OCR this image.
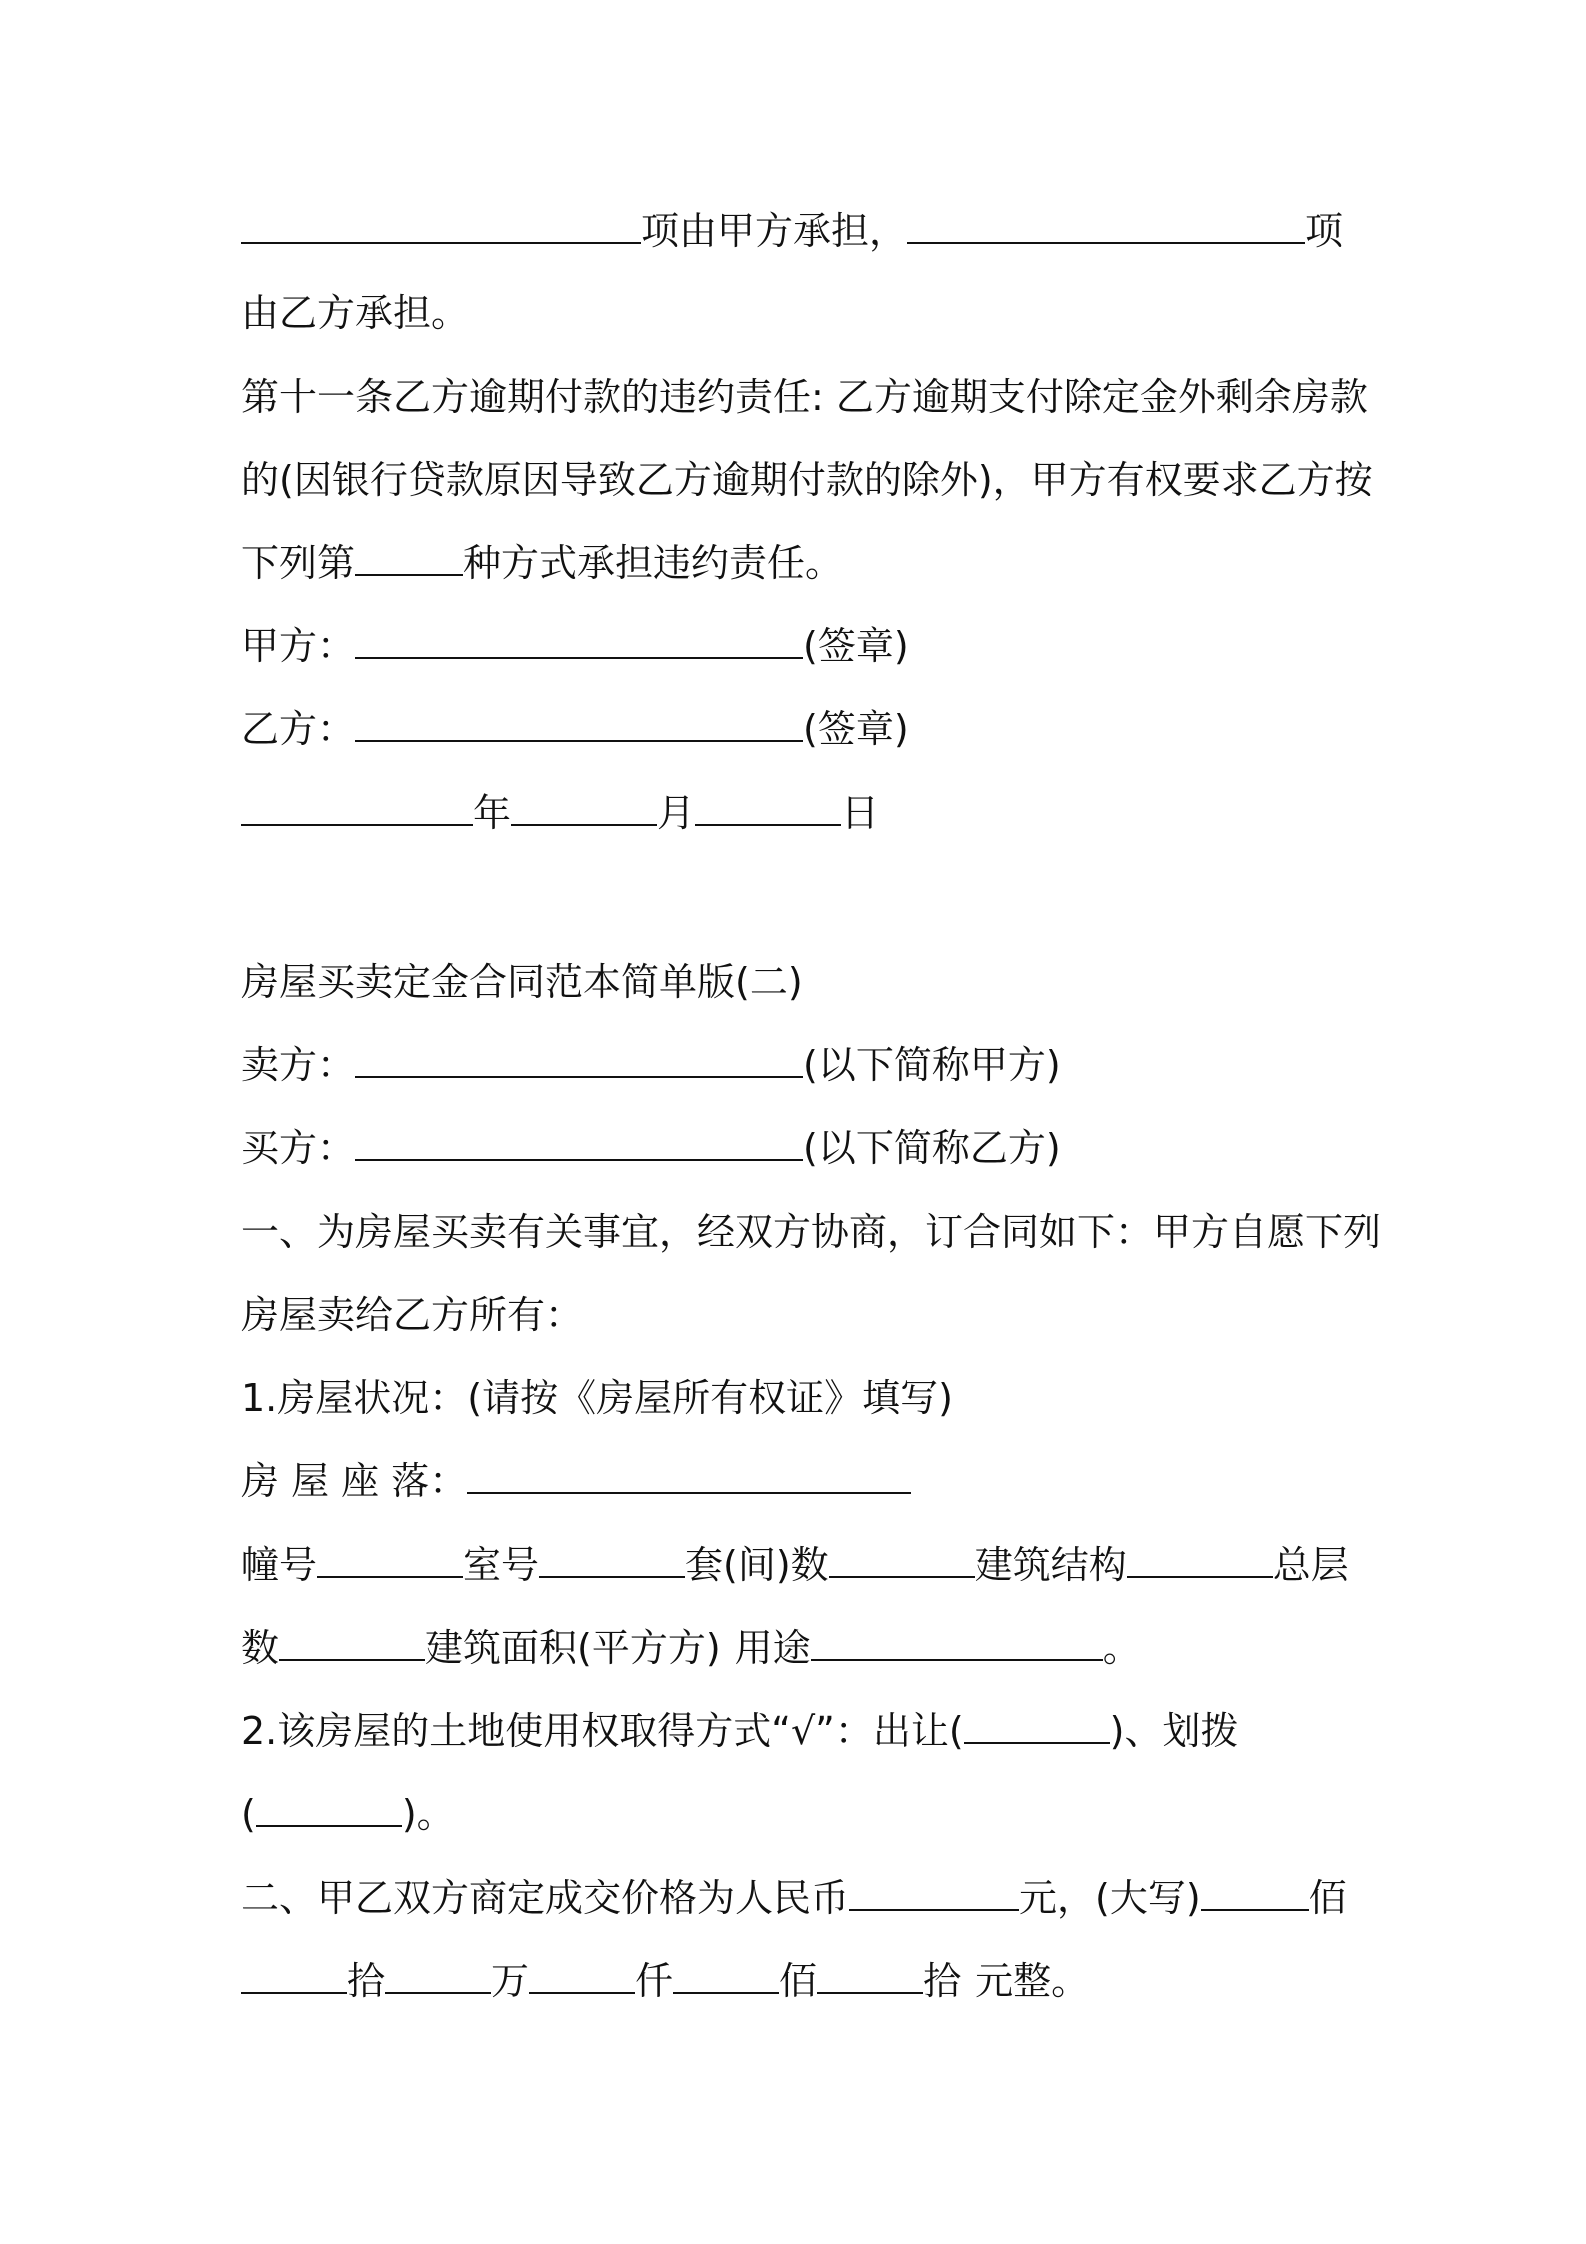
项由甲方承担，	项
由乙方承担。
第十一条乙方逾期付款的违约责任: 乙方逾期支付除定金外剩余房款
的(因银行贷款原因导致乙方逾期付款的除外)，甲方有权要求乙方按
下列第	种方式承担违约责任。
甲方：	(签章)
乙方：	(签章)
年	月	日
房屋买卖定金合同范本简单版(二)
卖方：	(以下简称甲方)
买方：	(以下简称乙方)
一、为房屋买卖有关事宜，经双方协商，订合同如下：甲方自愿下列
房屋卖给乙方所有：
1.房屋状况：(请按《房屋所有权证》填写)
房 屋 座 落：
幢号	室号	套(间)数	建筑结构	总层
数	建筑面积(平方方) 用途	。
2.该房屋的土地使用权取得方式“√”：出让(	)、划拨
(	)。
二、甲乙双方商定成交价格为人民币	元，(大写)	佰
拾	万	仟	佰	拾 元整。
